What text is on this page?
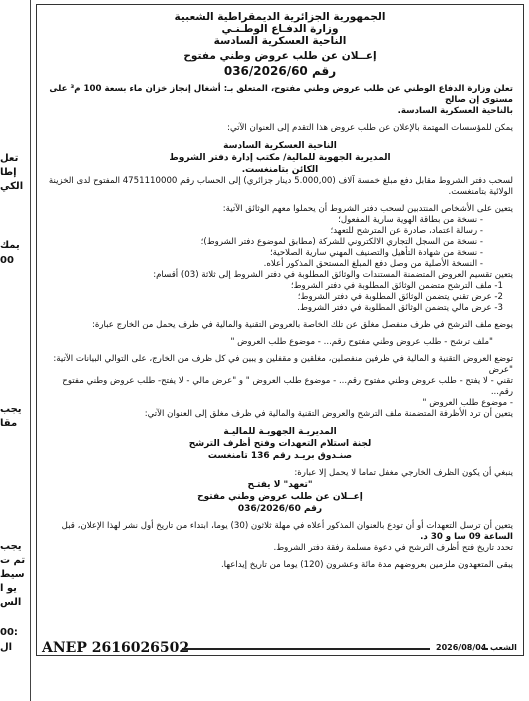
تعل
إطا
الكي
يمك
00
يجب
مقا
يجب
تم ت
سيط
يو ا
الس
00:
ال
الجمهورية الجزائرية الديمقراطية الشعبية
وزارة الدفـاع الوطـنـي
الناحية العسكرية السادسة
إعــلان عن طلب عروض وطني مفتوح
رقم 036/2026/60
تعلن وزارة الدفاع الوطني عن طلب عروض وطني مفتوح، المتعلق بـ: أشغال إنجاز خزان ماء بسعة 100 م³ على مستوى إن صالح
بالناحية العسكرية السادسة.
يمكن للمؤسسات المهتمة بالإعلان عن طلب عروض هذا التقدم إلى العنوان الآتي:
الناحية العسكرية السادسة
المديرية الجهوية للمالية/ مكتب إدارة دفتر الشروط
الكائن بتامنغست.
لسحب دفتر الشروط مقابل دفع مبلغ خمسة آلاف (5.000,00 دينار جزائري) إلى الحساب رقم 4751110000 المفتوح لدى الخزينة
الولائية بتامنغست.
يتعين على الأشخاص المنتدبين لسحب دفتر الشروط أن يحملوا معهم الوثائق الآتية:
- نسخة من بطاقة الهوية سارية المفعول؛
- رسالة اعتماد، صادرة عن المترشح للتعهد؛
- نسخة من السجل التجاري الالكتروني للشركة (مطابق لموضوع دفتر الشروط)؛
- نسخة من شهادة التأهيل والتصنيف المهني سارية الصلاحية؛
- النسخة الأصلية من وصل دفع المبلغ المستحق المذكور أعلاه.
يتعين تقسيم العروض المتضمنة المستندات والوثائق المطلوبة في دفتر الشروط إلى ثلاثة (03) أقسام:
1- ملف الترشح متضمن الوثائق المطلوبة في دفتر الشروط؛
2- عرض تقني يتضمن الوثائق المطلوبة في دفتر الشروط؛
3- عرض مالي يتضمن الوثائق المطلوبة في دفتر الشروط.
يوضع ملف الترشح في ظرف منفصل مغلق عن تلك الخاصة بالعروض التقنية والمالية في ظرف يحمل من الخارج عبارة:
"ملف ترشح - طلب عروض وطني مفتوح رقم... - موضوع طلب العروض "
توضع العروض التقنية و المالية في ظرفين منفصلين، مغلقين و مقفلين و يبين في كل ظرف من الخارج، على التوالي البيانات الآتية: "عرض
تقني - لا يفتح - طلب عروض وطني مفتوح رقم... - موضوع طلب العروض " و "عرض مالي - لا يفتح- طلب عروض وطني مفتوح رقم...
- موضوع طلب العروض "
يتعين أن ترد الأظرفة المتضمنة ملف الترشح والعروض التقنية والمالية في ظرف مغلق إلى العنوان الآتي:
المديريـة الجهويـة للماليـة
لجنة استلام التعهدات وفتح أظرف الترشح
صنـدوق بريـد رقم 136 تامنغست
ينبغي أن يكون الظرف الخارجي مغفل تماما لا يحمل إلا عبارة:
"تعهد" لا يفتـح
إعــلان عن طلب عروض وطني مفتوح
رقم 036/2026/60
يتعين أن ترسل التعهدات أو أن تودع بالعنوان المذكور أعلاه في مهلة ثلاثون (30) يوما، ابتداء من تاريخ أول نشر لهذا الإعلان، قبل
الساعة 09 سا و 30 د.
تحدد تاريخ فتح أظرف الترشح في دعوة مسلمة رفقة دفتر الشروط.
يبقى المتعهدون ملزمين بعروضهم مدة مائة وعشرون (120) يوما من تاريخ إيداعها.
ANEP 2616026502	2026/08/04 الشعب
